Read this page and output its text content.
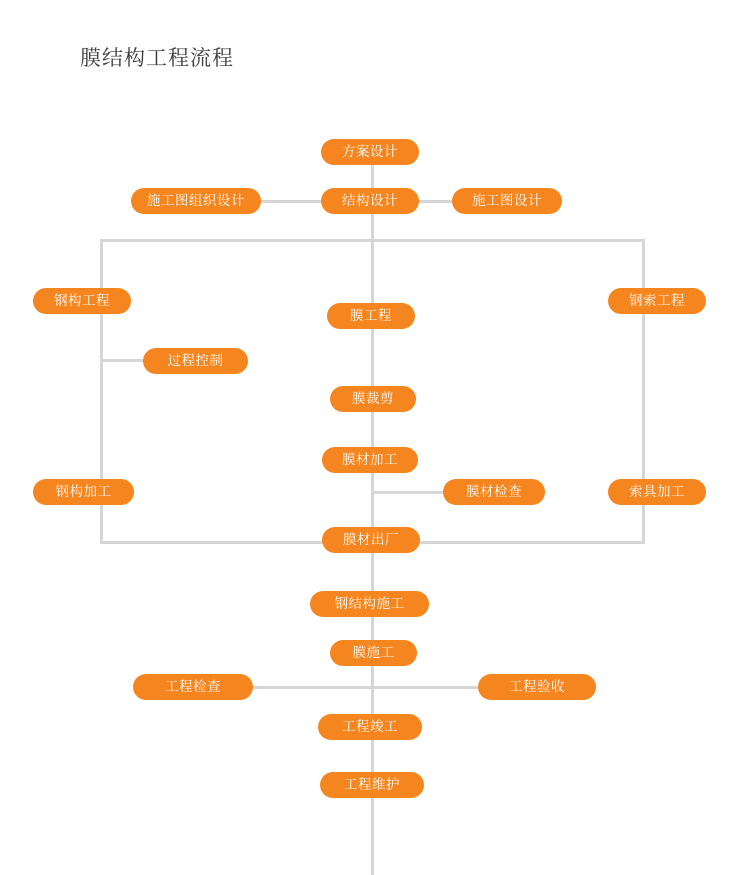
膜结构工程流程
方案设计
结构设计
施工图组织设计	施工图设计
钢构工程
膜工程
钢索工程
过程控制
膜裁剪
膜材加工
钢构加工	膜材检查	索具加工
膜材出厂
钢结构施工
膜施工
工程检查	工程验收
工程竣工
工程维护
